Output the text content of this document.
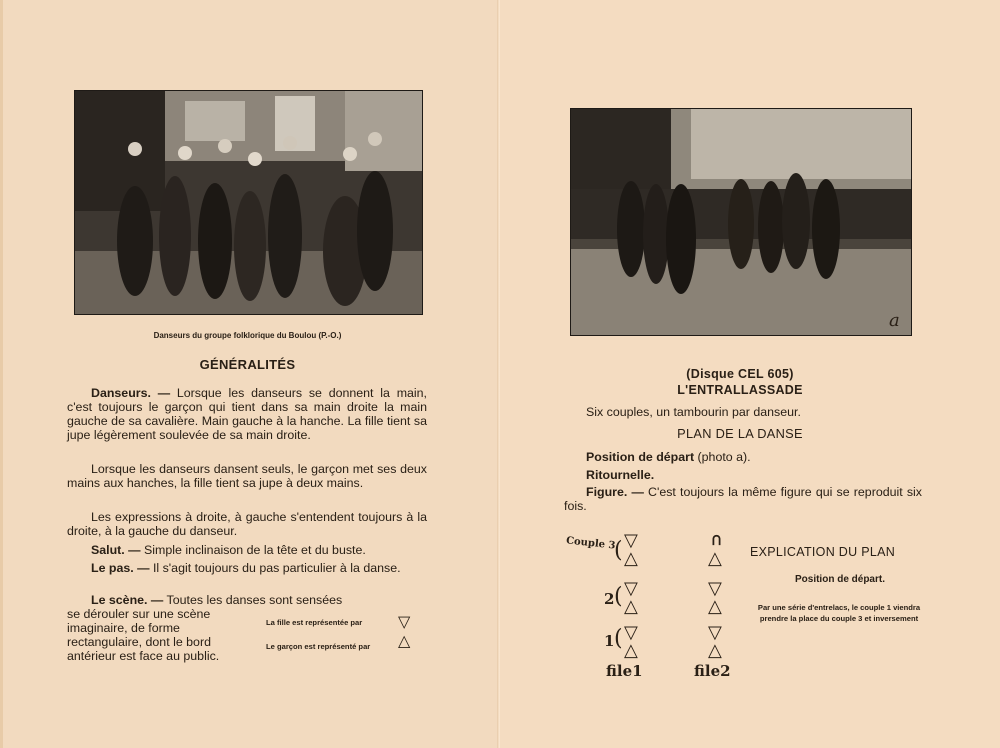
Danseurs du groupe folklorique du Boulou (P.-O.)
GÉNÉRALITÉS
Danseurs. — Lorsque les danseurs se donnent la main, c'est toujours le garçon qui tient dans sa main droite la main gauche de sa cavalière. Main gauche à la hanche. La fille tient sa jupe légèrement soulevée de sa main droite.
Lorsque les danseurs dansent seuls, le garçon met ses deux mains aux hanches, la fille tient sa jupe à deux mains.
Les expressions à droite, à gauche s'entendent toujours à la droite, à la gauche du danseur.
Salut. — Simple inclinaison de la tête et du buste.
Le pas. — Il s'agit toujours du pas particulier à la danse.
Le scène. — Toutes les danses sont sensées
se dérouler sur une scène imaginaire, de forme rectangulaire, dont le bord antérieur est face au public.
La fille est représentée par
Le garçon est représenté par
▽
△
a
(Disque CEL 605)
L'ENTRALLASSADE
Six couples, un tambourin par danseur.
PLAN DE LA DANSE
Position de départ (photo a).
Ritournelle.
Figure. — C'est toujours la même figure qui se reproduit six fois.
Couple 3
( ▽
△
2 ( ▽
△
1 ( ▽
△
⊂
△
▽
△
▽
△
file1	file2
EXPLICATION DU PLAN
Position de départ.
Par une série d'entrelacs, le couple 1 viendra prendre la place du couple 3 et inversement
